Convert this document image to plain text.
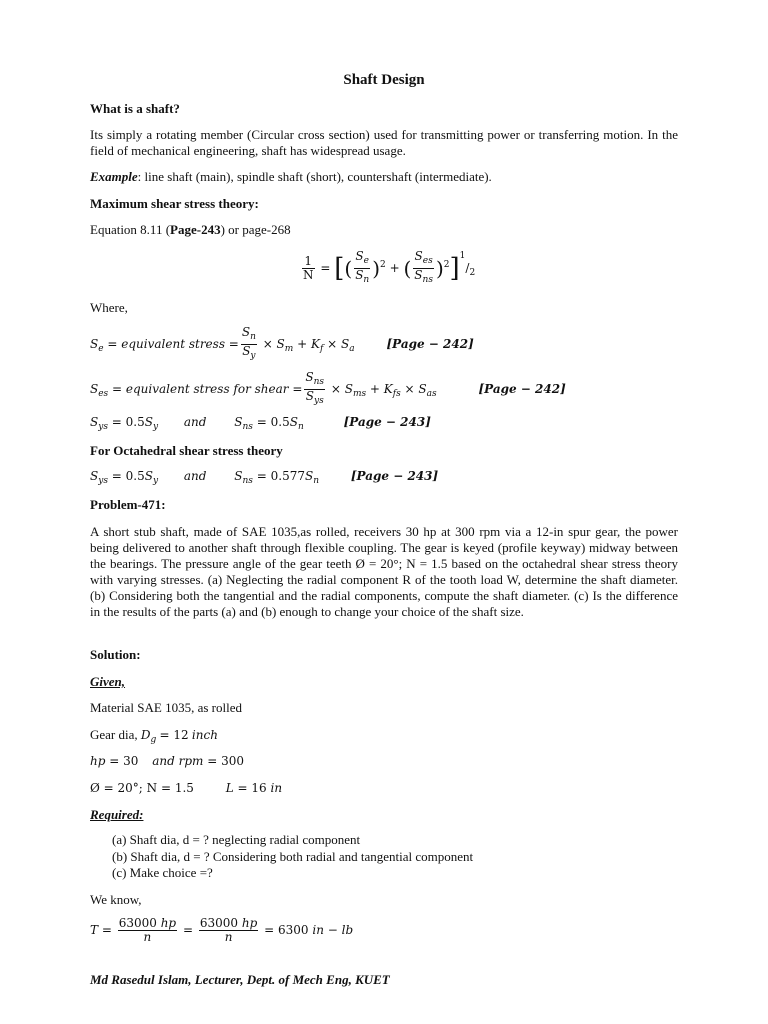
Shaft Design
What is a shaft?
Its simply a rotating member (Circular cross section) used for transmitting power or transferring motion. In the field of mechanical engineering, shaft has widespread usage.
Example: line shaft (main), spindle shaft (short), countershaft (intermediate).
Maximum shear stress theory:
Equation 8.11 (Page-243) or page-268
$\frac{1}{N}$ = [( $\frac{S_e}{S_n} )^2$ + ( $\frac{S_{es}}{S_{ns}} )^2]^1/_2$
Where,
$S_e$ = equivalent stress = $\frac{S_n}{S_y} \times S_m + K_f \times S_a$	[Page − 242]
$S_{es}$ = equivalent stress for shear = $\frac{S_{ns}}{S_{ys}} \times S_{ms} + K_{fs} \times S_{as}$	[Page − 242]
$S_{ys} = 0.5S_y$ and $S_{ns} = 0.5S_n$	[Page − 243]
For Octahedral shear stress theory
$S_{ys} = 0.5S_y$ and $S_{ns} = 0.577S_n$	[Page − 243]
Problem-471:
A short stub shaft, made of SAE 1035,as rolled, receivers 30 hp at 300 rpm via a 12-in spur gear, the power being delivered to another shaft through flexible coupling. The gear is keyed (profile keyway) midway between the bearings. The pressure angle of the gear teeth Ø = 20°; N = 1.5 based on the octahedral shear stress theory with varying stresses. (a) Neglecting the radial component R of the tooth load W, determine the shaft diameter. (b) Considering both the tangential and the radial components, compute the shaft diameter. (c) Is the difference in the results of the parts (a) and (b) enough to change your choice of the shaft size.
Solution:
Given,
Material SAE 1035, as rolled
Gear dia, $D_g = 12$ inch
hp = 30 and rpm = 300
Ø = 20°; N = 1.5	L = 16 in
Required:
(a) Shaft dia, d = ? neglecting radial component
(b) Shaft dia, d = ? Considering both radial and tangential component
(c) Make choice =?
We know,
$T = \frac{63000 hp}{n} = \frac{63000 hp}{n} = 6300$ in − lb
Md Rasedul Islam, Lecturer, Dept. of Mech Eng, KUET
